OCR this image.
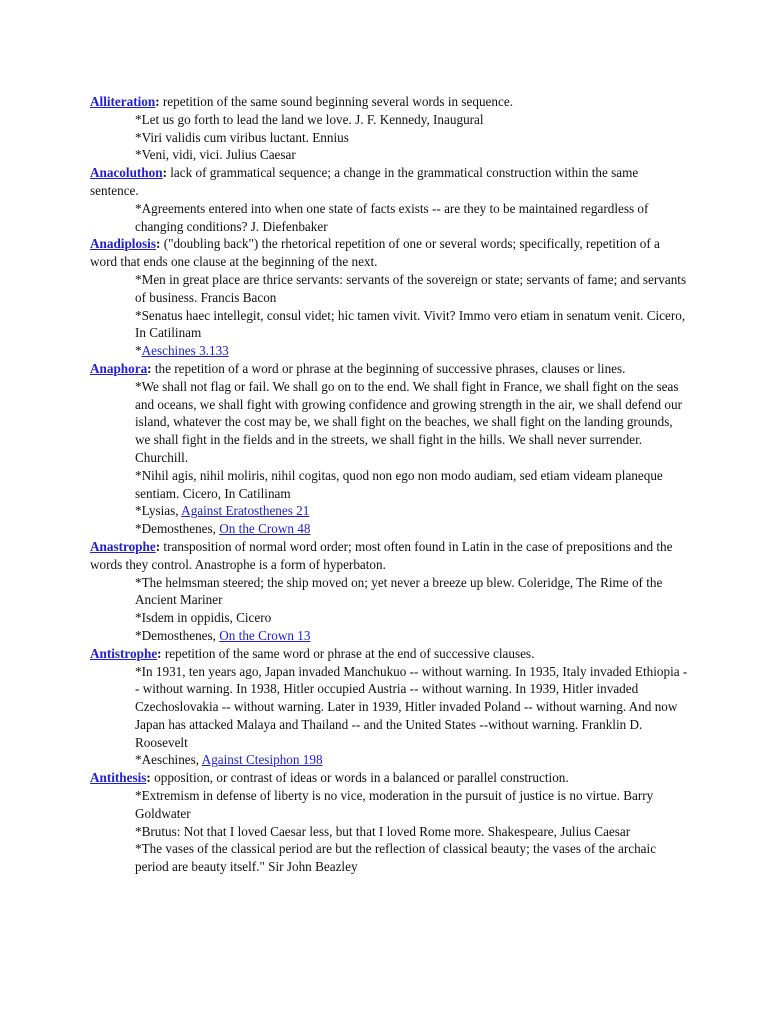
Alliteration: repetition of the same sound beginning several words in sequence.

*Let us go forth to lead the land we love. J. F. Kennedy, Inaugural

*Viri validis cum viribus luctant. Ennius

*Veni, vidi, vici. Julius Caesar

Anacoluthon: lack of grammatical sequence; a change in the grammatical construction within the same sentence.

*Agreements entered into when one state of facts exists -- are they to be maintained regardless of changing conditions? J. Diefenbaker

Anadiplosis: ("doubling back") the rhetorical repetition of one or several words; specifically, repetition of a word that ends one clause at the beginning of the next.

*Men in great place are thrice servants: servants of the sovereign or state; servants of fame; and servants of business. Francis Bacon

*Senatus haec intellegit, consul videt; hic tamen vivit. Vivit? Immo vero etiam in senatum venit. Cicero, In Catilinam

*Aeschines 3.133

Anaphora: the repetition of a word or phrase at the beginning of successive phrases, clauses or lines.

*We shall not flag or fail. We shall go on to the end. We shall fight in France, we shall fight on the seas and oceans, we shall fight with growing confidence and growing strength in the air, we shall defend our island, whatever the cost may be, we shall fight on the beaches, we shall fight on the landing grounds, we shall fight in the fields and in the streets, we shall fight in the hills. We shall never surrender. Churchill.

*Nihil agis, nihil moliris, nihil cogitas, quod non ego non modo audiam, sed etiam videam planeque sentiam. Cicero, In Catilinam

*Lysias, Against Eratosthenes 21

*Demosthenes, On the Crown 48

Anastrophe: transposition of normal word order; most often found in Latin in the case of prepositions and the words they control. Anastrophe is a form of hyperbaton.

*The helmsman steered; the ship moved on; yet never a breeze up blew. Coleridge, The Rime of the Ancient Mariner

*Isdem in oppidis, Cicero

*Demosthenes, On the Crown 13

Antistrophe: repetition of the same word or phrase at the end of successive clauses.

*In 1931, ten years ago, Japan invaded Manchukuo -- without warning. In 1935, Italy invaded Ethiopia -- without warning. In 1938, Hitler occupied Austria -- without warning. In 1939, Hitler invaded Czechoslovakia -- without warning. Later in 1939, Hitler invaded Poland -- without warning. And now Japan has attacked Malaya and Thailand -- and the United States --without warning. Franklin D. Roosevelt

*Aeschines, Against Ctesiphon 198

Antithesis: opposition, or contrast of ideas or words in a balanced or parallel construction.

*Extremism in defense of liberty is no vice, moderation in the pursuit of justice is no virtue. Barry Goldwater

*Brutus: Not that I loved Caesar less, but that I loved Rome more. Shakespeare, Julius Caesar

*The vases of the classical period are but the reflection of classical beauty; the vases of the archaic period are beauty itself." Sir John Beazley
